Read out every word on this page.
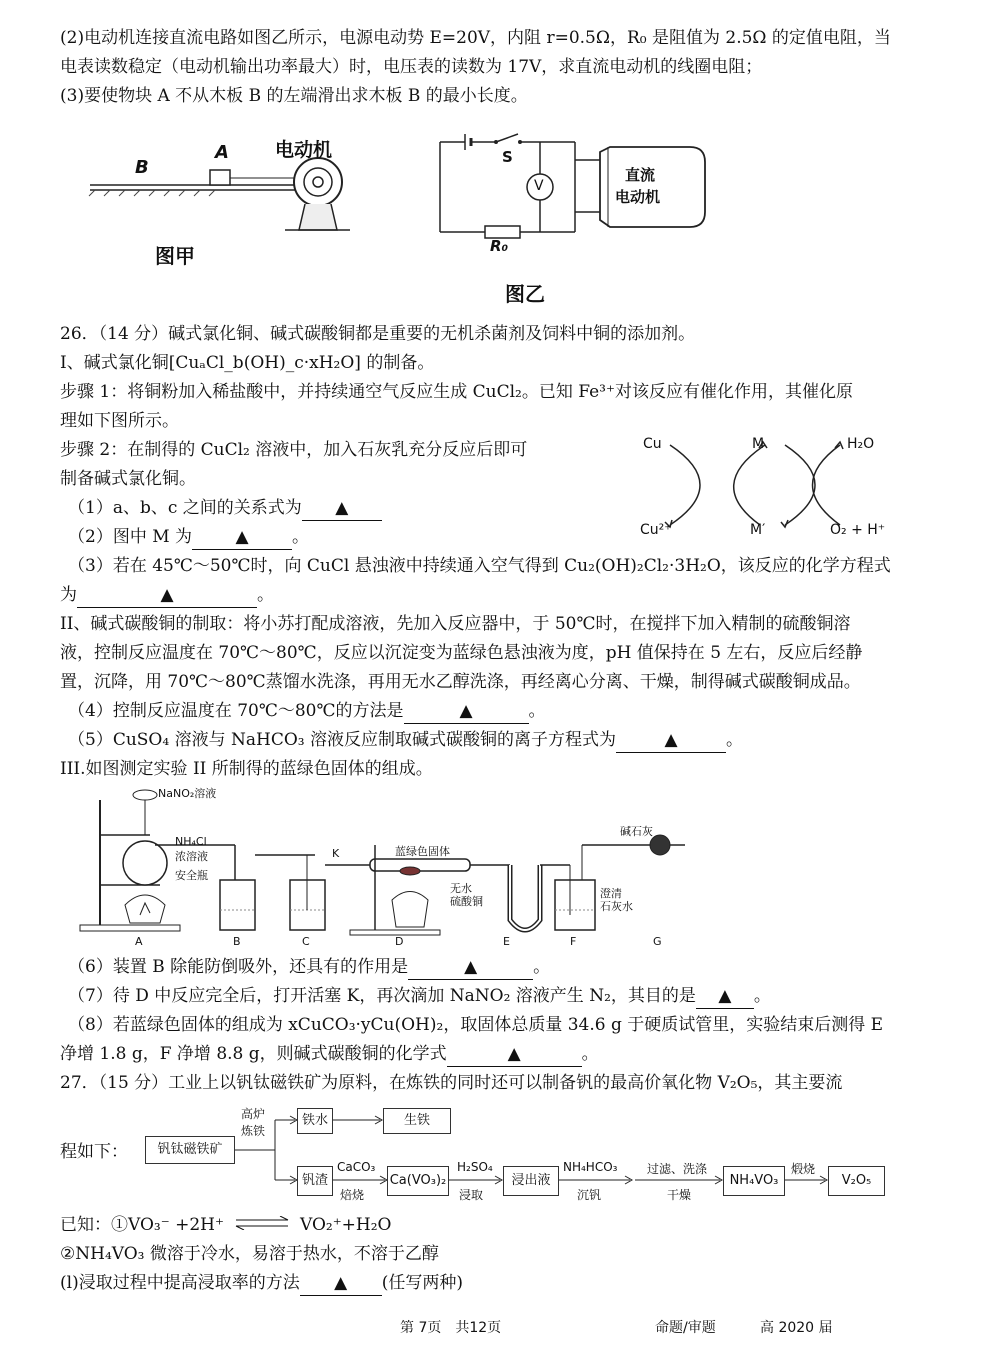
(2)电动机连接直流电路如图乙所示，电源电动势 E=20V，内阻 r=0.5Ω，R₀ 是阻值为 2.5Ω 的定值电阻，当
电表读数稳定（电动机输出功率最大）时，电压表的读数为 17V，求直流电动机的线圈电阻；
(3)要使物块 A 不从木板 B 的左端滑出求木板 B 的最小长度。
B
A 电动机
图甲
S
V
直流
电动机
R₀
图乙
26．（14 分）碱式氯化铜、碱式碳酸铜都是重要的无机杀菌剂及饲料中铜的添加剂。
I、碱式氯化铜[CuₐCl_b(OH)_c·xH₂O] 的制备。
步骤 1：将铜粉加入稀盐酸中，并持续通空气反应生成 CuCl₂。已知 Fe³⁺对该反应有催化作用，其催化原
理如下图所示。
步骤 2：在制得的 CuCl₂ 溶液中，加入石灰乳充分反应后即可
制备碱式氯化铜。
（1）a、b、c 之间的关系式为 ▲
（2）图中 M 为	▲	。
（3）若在 45℃～50℃时，向 CuCl 悬浊液中持续通入空气得到 Cu₂(OH)₂Cl₂·3H₂O，该反应的化学方程式
为	▲	。
Cu	M	H₂O
Cu²⁺	M′	O₂ + H⁺
II、碱式碳酸铜的制取：将小苏打配成溶液，先加入反应器中，于 50℃时，在搅拌下加入精制的硫酸铜溶
液，控制反应温度在 70℃～80℃，反应以沉淀变为蓝绿色悬浊液为度，pH 值保持在 5 左右，反应后经静
置，沉降，用 70℃～80℃蒸馏水洗涤，再用无水乙醇洗涤，再经离心分离、干燥，制得碱式碳酸铜成品。
（4）控制反应温度在 70℃～80℃的方法是	▲	。
（5）CuSO₄ 溶液与 NaHCO₃ 溶液反应制取碱式碳酸铜的离子方程式为	▲	。
III.如图测定实验 II 所制得的蓝绿色固体的组成。
NaNO₂溶液
NH₄Cl
浓溶液
安全瓶
K	蓝绿色固体
无水
硫酸铜
碱石灰
澄清
石灰水
A	B	C	D	E	F	G
（6）装置 B 除能防倒吸外，还具有的作用是	▲	。
（7）待 D 中反应完全后，打开活塞 K，再次滴加 NaNO₂ 溶液产生 N₂，其目的是 ▲ 。
（8）若蓝绿色固体的组成为 xCuCO₃·yCu(OH)₂，取固体总质量 34.6 g 于硬质试管里，实验结束后测得 E
净增 1.8 g，F 净增 8.8 g，则碱式碳酸铜的化学式	▲	。
27．（15 分）工业上以钒钛磁铁矿为原料，在炼铁的同时还可以制备钒的最高价氧化物 V₂O₅，其主要流
程如下：	钒钛磁铁矿
高炉
炼铁
铁水	生铁
钒渣
CaCO₃
焙烧
Ca(VO₃)₂
H₂SO₄
浸取
浸出液
NH₄HCO₃
沉钒
过滤、洗涤
干燥
NH₄VO₃
煅烧
V₂O₅
已知：①VO₃⁻ +2H⁺ ⇌ VO₂⁺+H₂O
②NH₄VO₃ 微溶于冷水，易溶于热水，不溶于乙醇
(l)浸取过程中提高浸取率的方法 ▲ (任写两种)
第 7页　共12页	命题/审题	高 2020 届
